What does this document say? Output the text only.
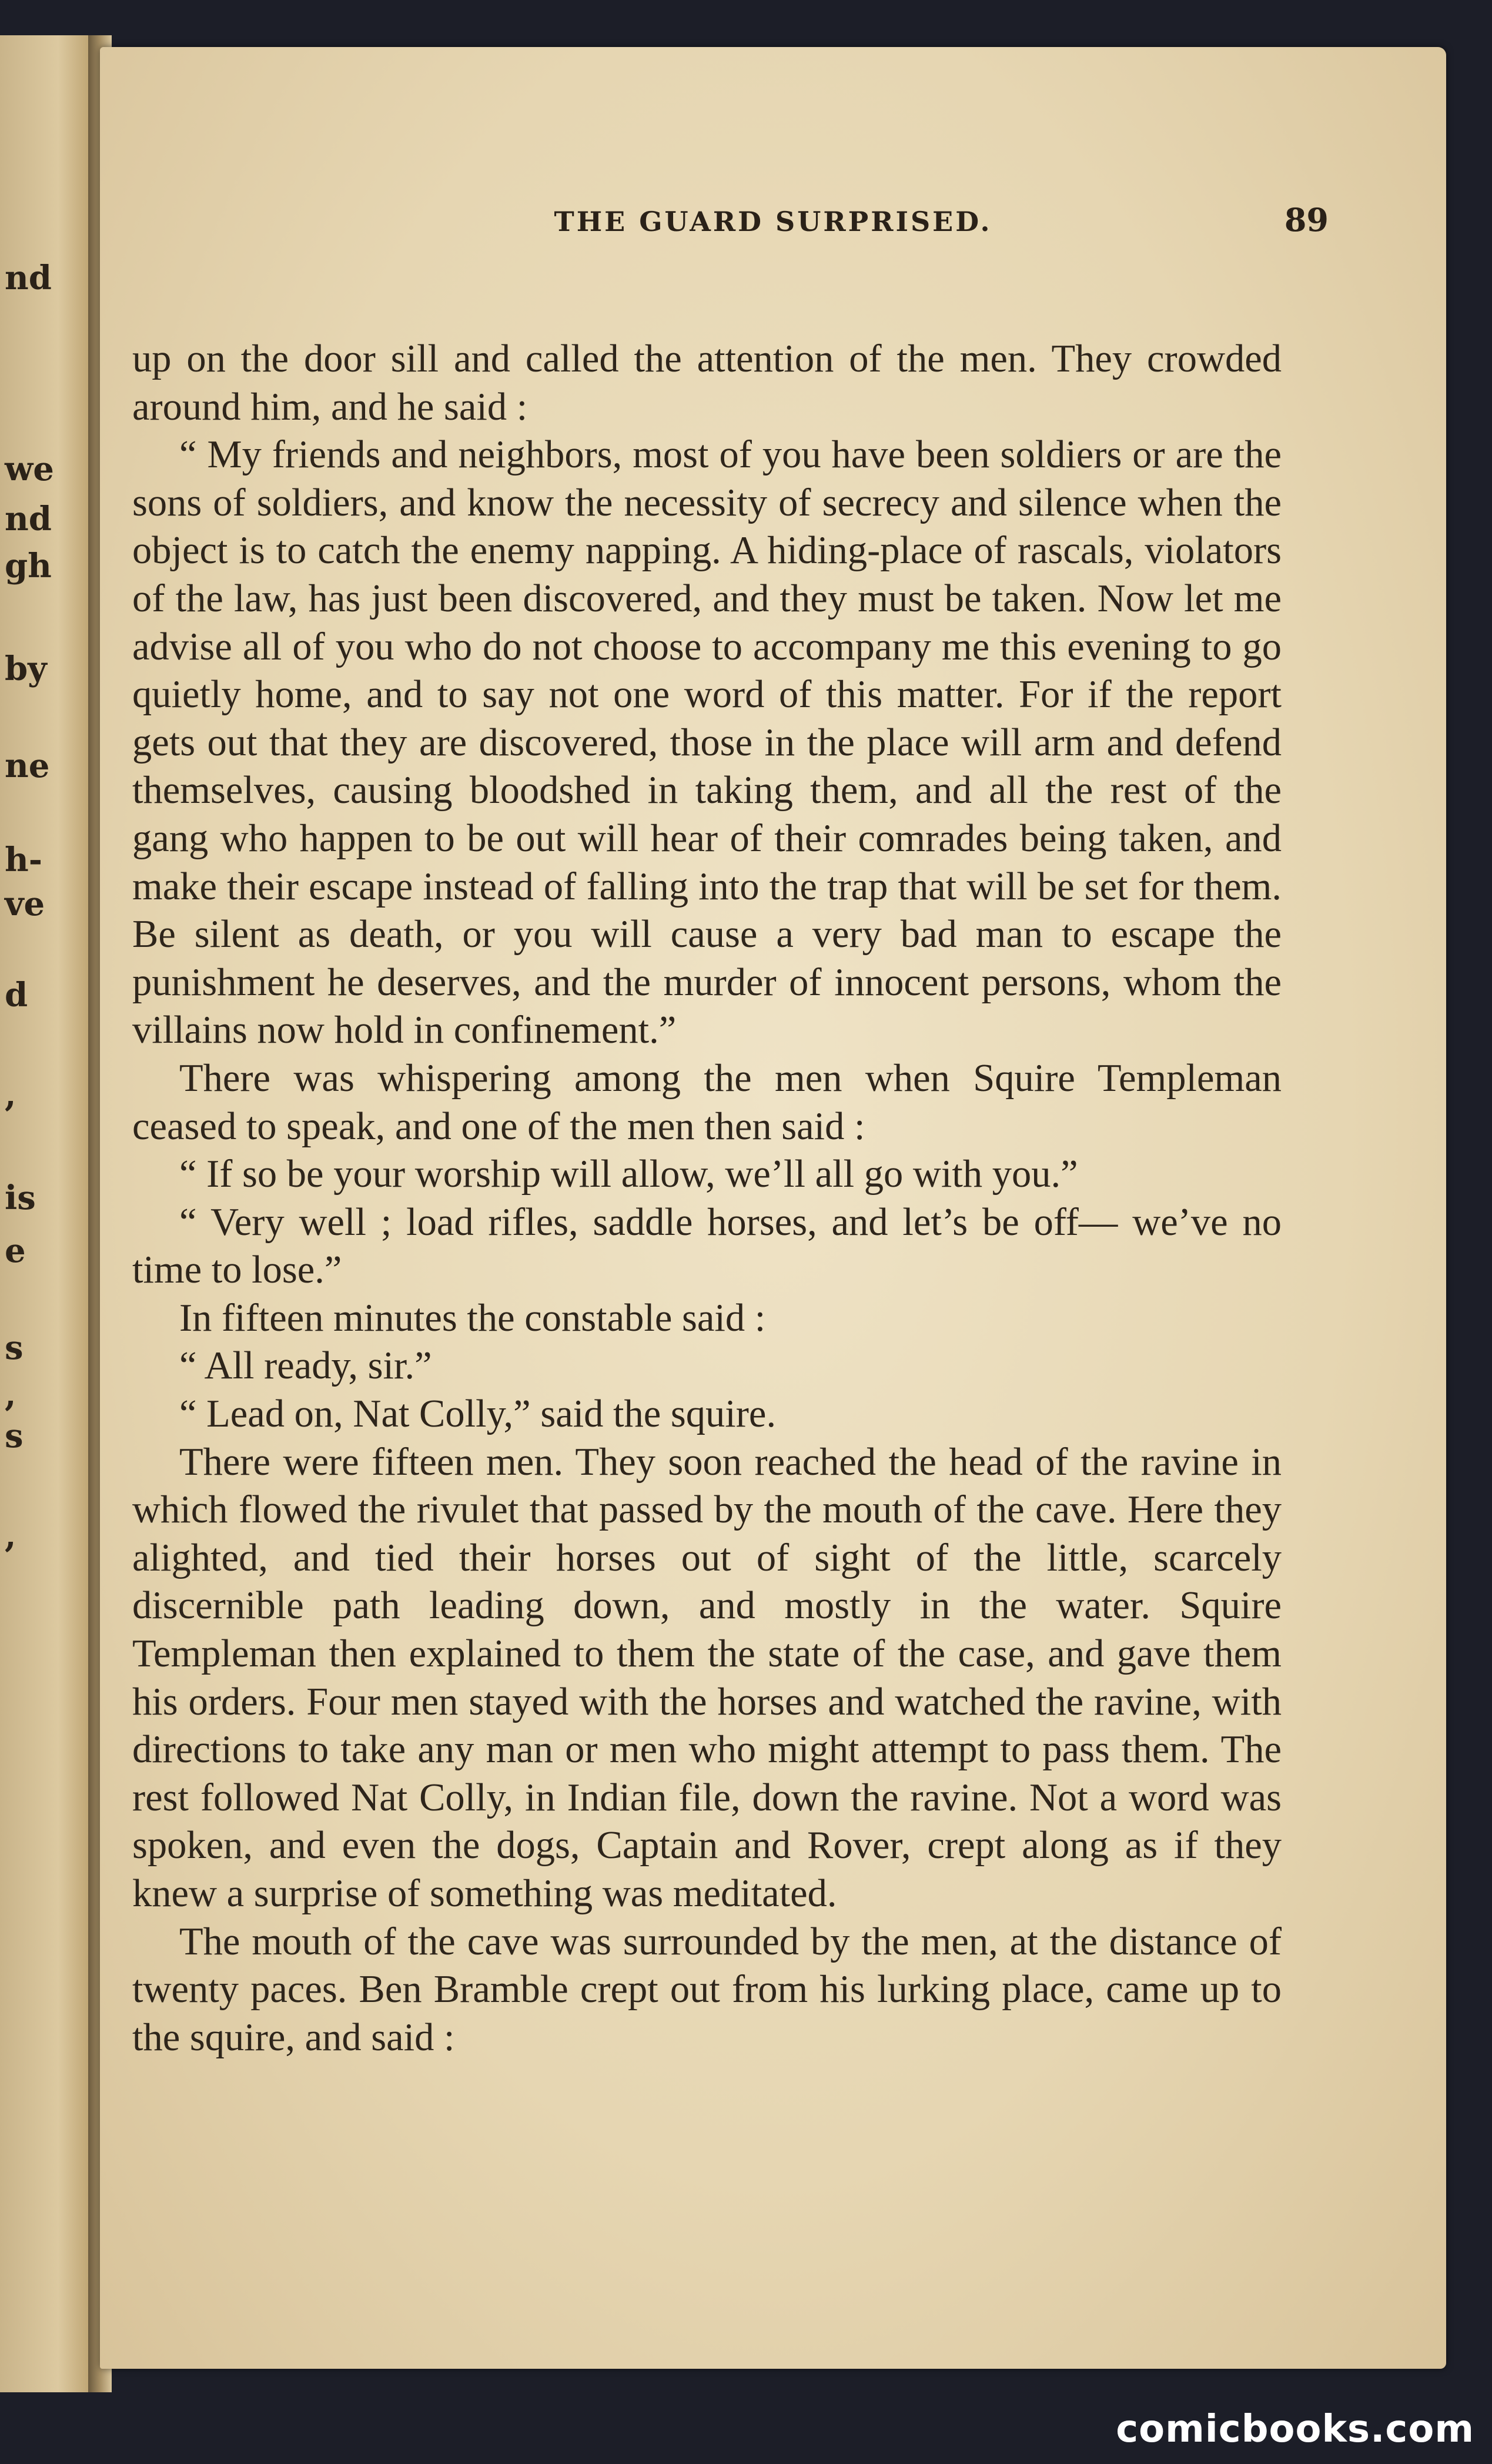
nd
we
nd
gh
by
ne
h-
ve
d
,
is
e
s
,
s
,
THE GUARD SURPRISED.	89

up on the door sill and called the attention of the men. They crowded around him, and he said :

“ My friends and neighbors, most of you have been soldiers or are the sons of soldiers, and know the necessity of secrecy and silence when the object is to catch the enemy napping. A hiding-place of rascals, violators of the law, has just been discovered, and they must be taken. Now let me advise all of you who do not choose to accompany me this evening to go quietly home, and to say not one word of this matter. For if the report gets out that they are discovered, those in the place will arm and defend themselves, causing bloodshed in taking them, and all the rest of the gang who happen to be out will hear of their comrades being taken, and make their escape instead of falling into the trap that will be set for them. Be silent as death, or you will cause a very bad man to escape the punishment he deserves, and the murder of innocent persons, whom the villains now hold in confinement.”

There was whispering among the men when Squire Templeman ceased to speak, and one of the men then said :

“ If so be your worship will allow, we’ll all go with you.”

“ Very well ; load rifles, saddle horses, and let’s be off— we’ve no time to lose.”

In fifteen minutes the constable said :

“ All ready, sir.”

“ Lead on, Nat Colly,” said the squire.

There were fifteen men. They soon reached the head of the ravine in which flowed the rivulet that passed by the mouth of the cave. Here they alighted, and tied their horses out of sight of the little, scarcely discernible path leading down, and mostly in the water. Squire Templeman then explained to them the state of the case, and gave them his orders. Four men stayed with the horses and watched the ravine, with directions to take any man or men who might attempt to pass them. The rest followed Nat Colly, in Indian file, down the ravine. Not a word was spoken, and even the dogs, Captain and Rover, crept along as if they knew a surprise of something was meditated.

The mouth of the cave was surrounded by the men, at the distance of twenty paces. Ben Bramble crept out from his lurking place, came up to the squire, and said :

comicbooks.com
